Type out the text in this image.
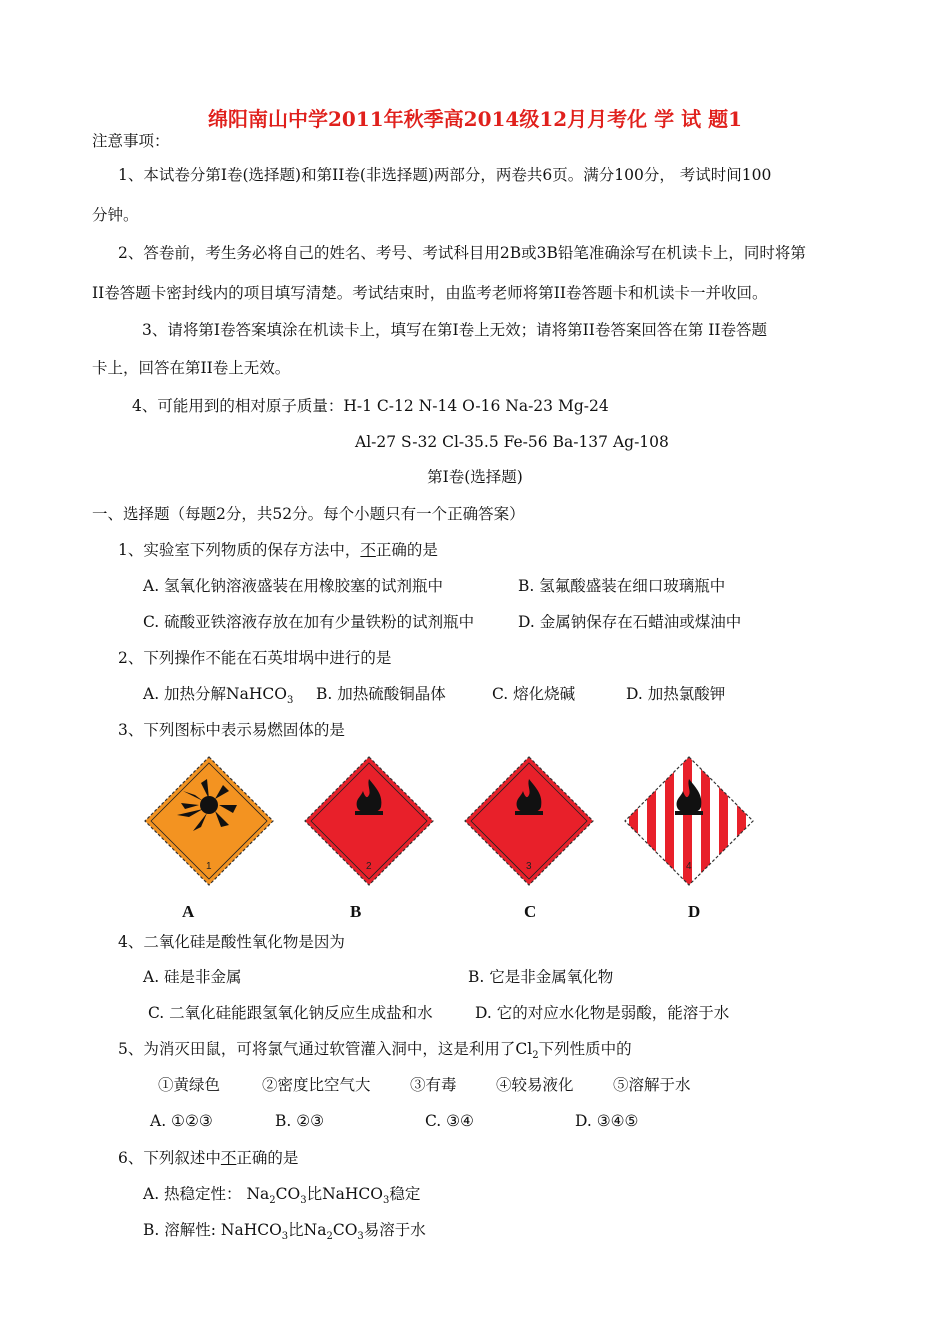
绵阳南山中学2011年秋季高2014级12月月考化 学 试 题1
注意事项：
1、本试卷分第Ⅰ卷(选择题)和第II卷(非选择题)两部分，两卷共6页。满分100分， 考试时间100
分钟。
2、答卷前，考生务必将自己的姓名、考号、考试科目用2B或3B铅笔准确涂写在机读卡上，同时将第
II卷答题卡密封线内的项目填写清楚。考试结束时，由监考老师将第II卷答题卡和机读卡一并收回。
3、请将第Ⅰ卷答案填涂在机读卡上，填写在第Ⅰ卷上无效；请将第II卷答案回答在第 II卷答题
卡上，回答在第II卷上无效。
4、可能用到的相对原子质量：H-1 C-12 N-14 O-16 Na-23 Mg-24
Al-27 S-32 Cl-35.5 Fe-56 Ba-137 Ag-108
第Ⅰ卷(选择题)
一、选择题（每题2分，共52分。每个小题只有一个正确答案）
1、实验室下列物质的保存方法中，不正确的是
A. 氢氧化钠溶液盛装在用橡胶塞的试剂瓶中	B. 氢氟酸盛装在细口玻璃瓶中
C. 硫酸亚铁溶液存放在加有少量铁粉的试剂瓶中	D. 金属钠保存在石蜡油或煤油中
2、下列操作不能在石英坩埚中进行的是
A. 加热分解NaHCO$_3$ B. 加热硫酸铜晶体	C. 熔化烧碱	D. 加热氯酸钾
3、下列图标中表示易燃固体的是
1	2	3	4
A	B	C	D
4、二氧化硅是酸性氧化物是因为
A. 硅是非金属	B. 它是非金属氧化物
C. 二氧化硅能跟氢氧化钠反应生成盐和水	D. 它的对应水化物是弱酸，能溶于水
5、为消灭田鼠，可将氯气通过软管灌入洞中，这是利用了$Cl_2$下列性质中的
①黄绿色	②密度比空气大	③有毒	④较易液化	⑤溶解于水
A. ①②③	B. ②③	C. ③④	D. ③④⑤
6、下列叙述中不正确的是
A. 热稳定性： $Na_2CO_3$比NaHCO$_3$稳定
B. 溶解性: NaHCO$_3$比$Na_2CO_3$易溶于水
